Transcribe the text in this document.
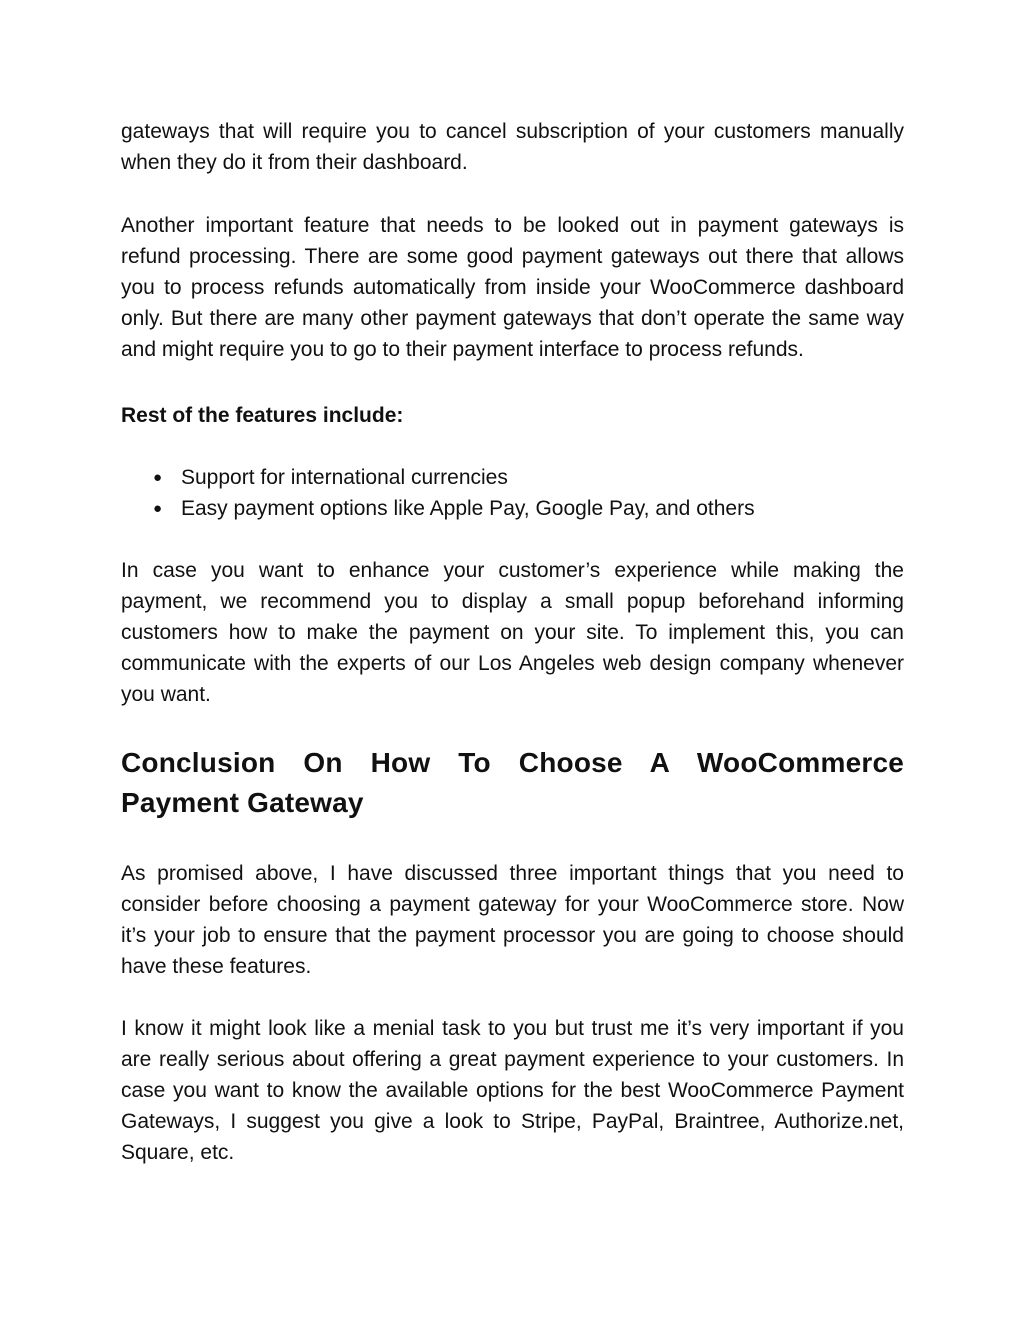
gateways that will require you to cancel subscription of your customers manually when they do it from their dashboard.

Another important feature that needs to be looked out in payment gateways is refund processing. There are some good payment gateways out there that allows you to process refunds automatically from inside your WooCommerce dashboard only. But there are many other payment gateways that don’t operate the same way and might require you to go to their payment interface to process refunds.

Rest of the features include:

● Support for international currencies
● Easy payment options like Apple Pay, Google Pay, and others

In case you want to enhance your customer’s experience while making the payment, we recommend you to display a small popup beforehand informing customers how to make the payment on your site. To implement this, you can communicate with the experts of our Los Angeles web design company whenever you want.

Conclusion On How To Choose A WooCommerce Payment Gateway

As promised above, I have discussed three important things that you need to consider before choosing a payment gateway for your WooCommerce store. Now it’s your job to ensure that the payment processor you are going to choose should have these features.

I know it might look like a menial task to you but trust me it’s very important if you are really serious about offering a great payment experience to your customers. In case you want to know the available options for the best WooCommerce Payment Gateways, I suggest you give a look to Stripe, PayPal, Braintree, Authorize.net, Square, etc.
